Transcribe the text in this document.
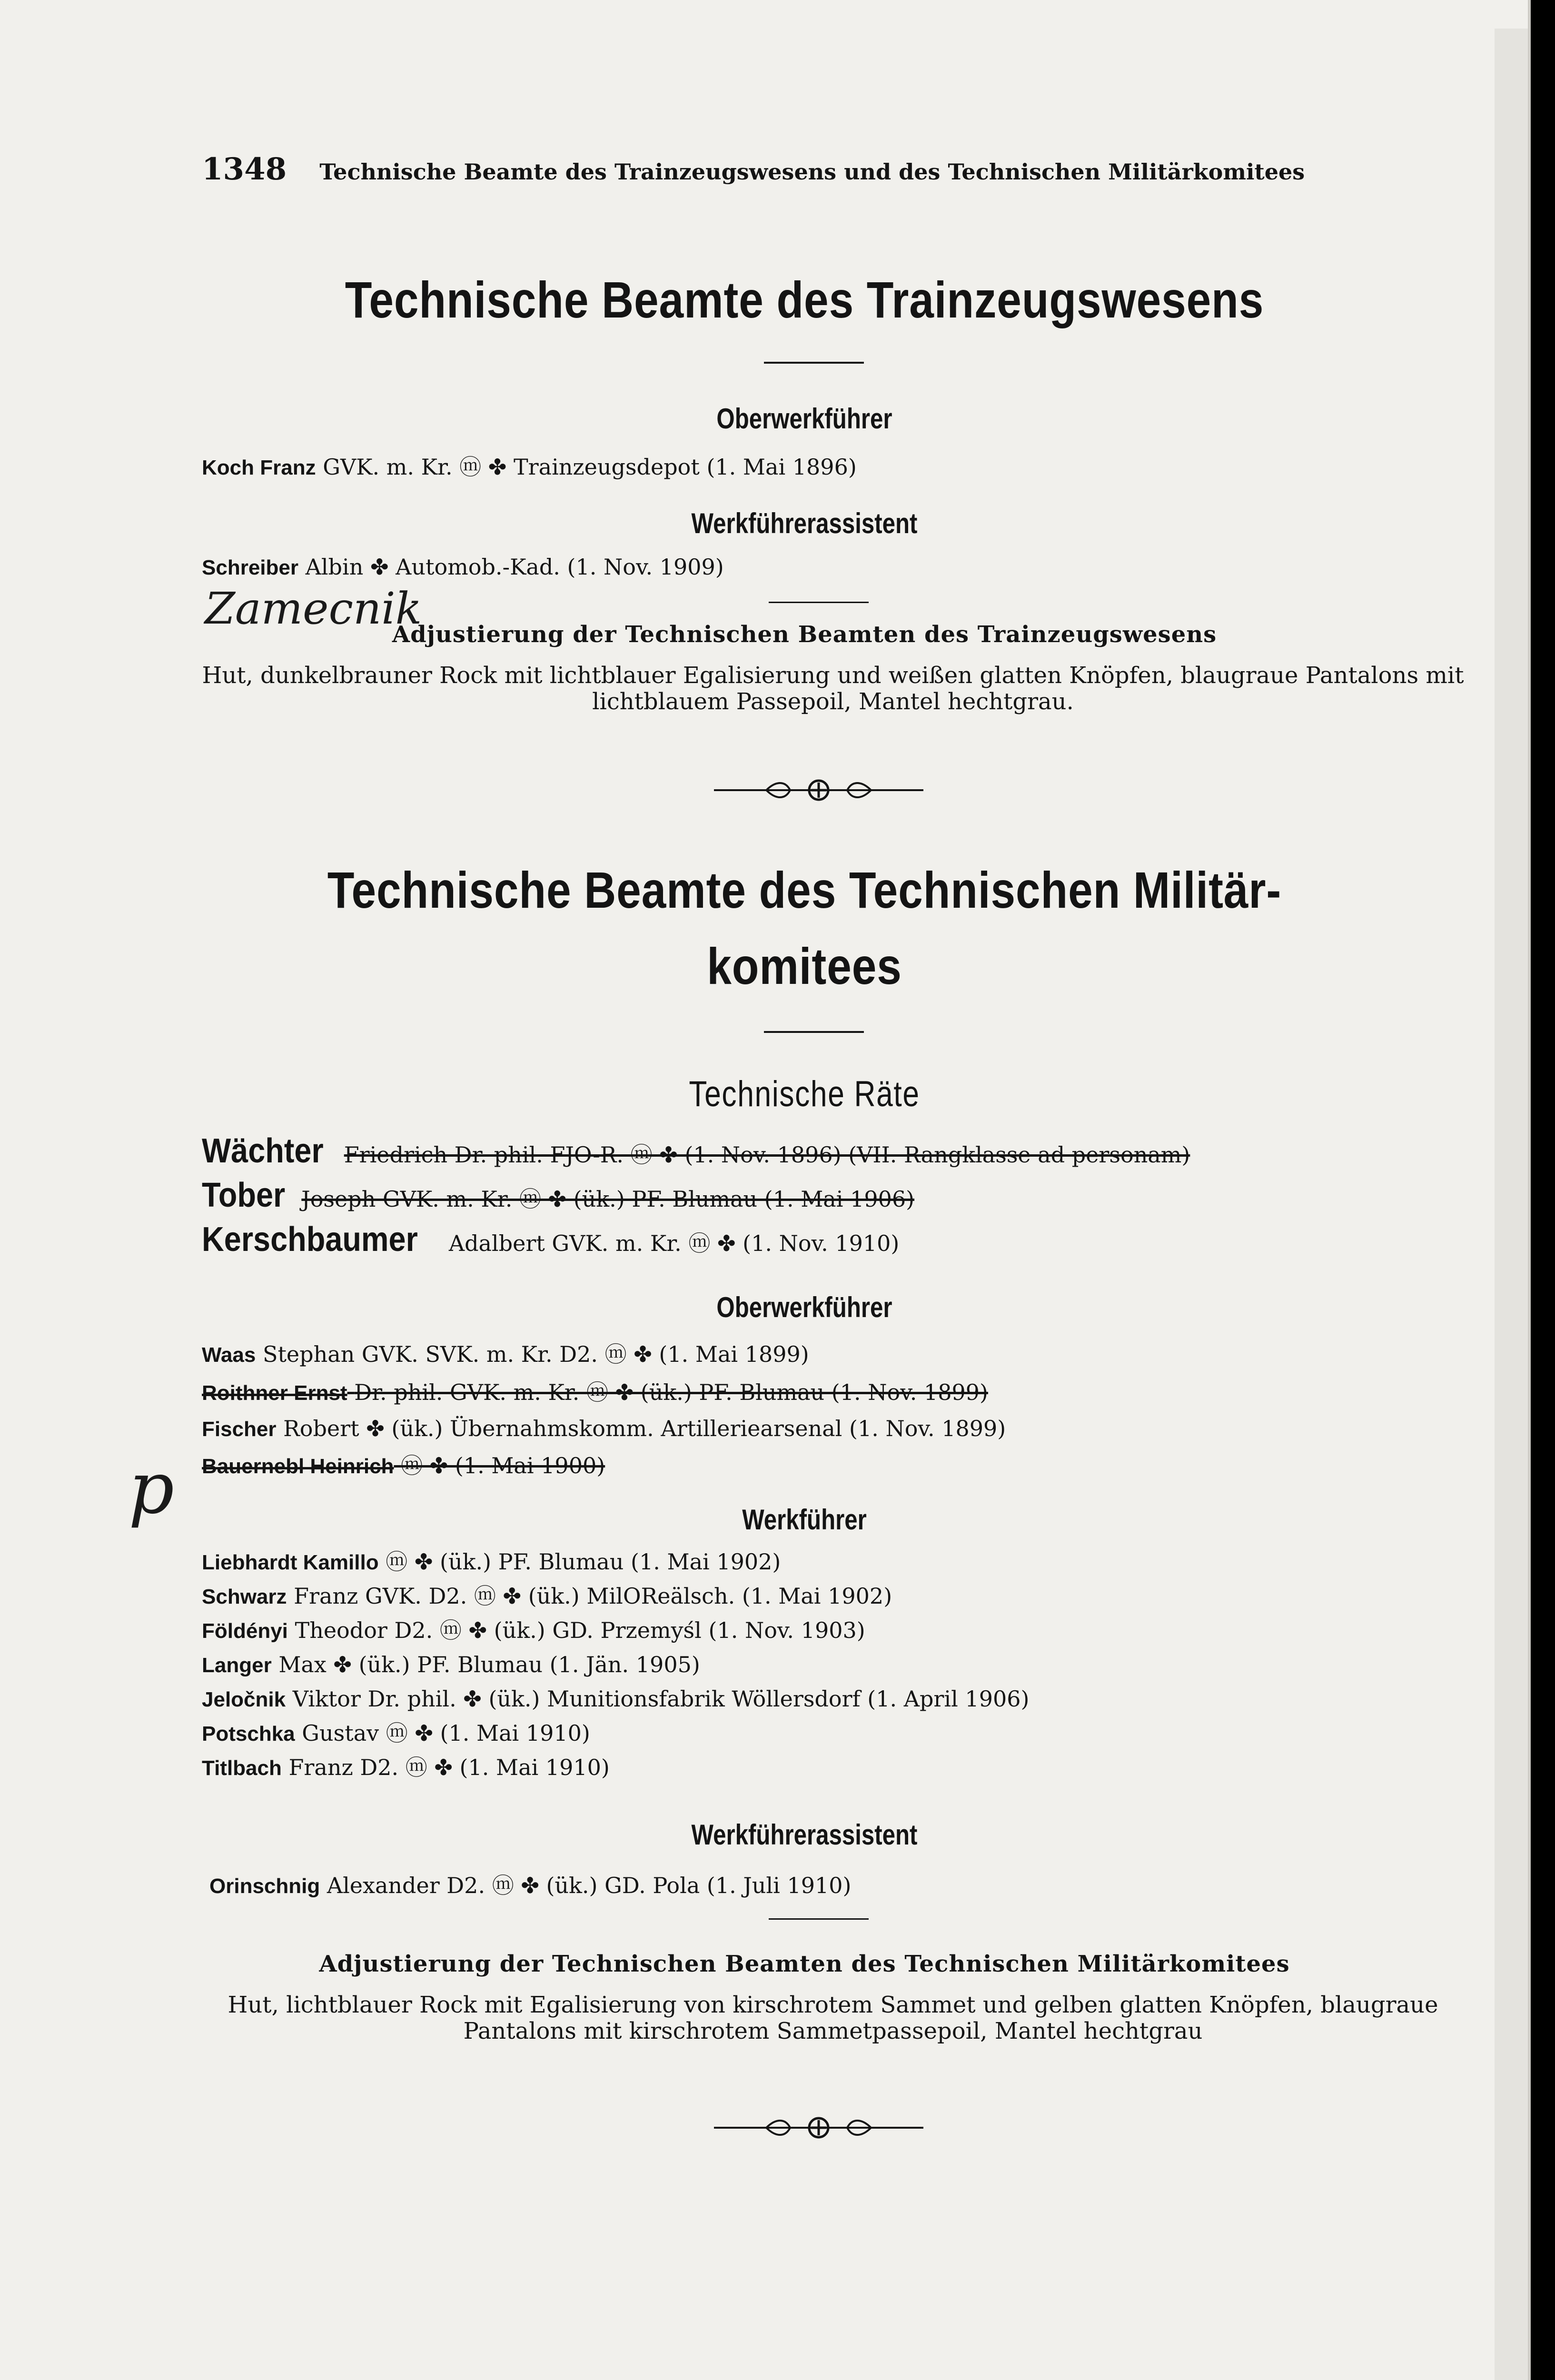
1348 Technische Beamte des Trainzeugswesens und des Technischen Militärkomitees
Technische Beamte des Trainzeugswesens
Oberwerkführer
Koch Franz GVK. m. Kr. ⓜ ✤ Trainzeugsdepot (1. Mai 1896)
Werkführerassistent
Schreiber Albin ✤ Automob.-Kad. (1. Nov. 1909)
Zamecnik
Adjustierung der Technischen Beamten des Trainzeugswesens
Hut, dunkelbrauner Rock mit lichtblauer Egalisierung und weißen glatten Knöpfen, blaugraue Pantalons mit lichtblauem Passepoil, Mantel hechtgrau.
Technische Beamte des Technischen Militär-
komitees
Technische Räte
Wächter Friedrich Dr. phil. FJO-R. ⓜ ✤ (1. Nov. 1896) (VII. Rangklasse ad personam)
Tober Joseph GVK. m. Kr. ⓜ ✤ (ük.) PF. Blumau (1. Mai 1906)
Kerschbaumer Adalbert GVK. m. Kr. ⓜ ✤ (1. Nov. 1910)
Oberwerkführer
Waas Stephan GVK. SVK. m. Kr. D2. ⓜ ✤ (1. Mai 1899)
Roithner Ernst Dr. phil. GVK. m. Kr. ⓜ ✤ (ük.) PF. Blumau (1. Nov. 1899)
Fischer Robert ✤ (ük.) Übernahmskomm. Artilleriearsenal (1. Nov. 1899)
Bauernebl Heinrich ⓜ ✤ (1. Mai 1900)
p	Werkführer
Liebhardt Kamillo ⓜ ✤ (ük.) PF. Blumau (1. Mai 1902)
Schwarz Franz GVK. D2. ⓜ ✤ (ük.) MilOReälsch. (1. Mai 1902)
Földényi Theodor D2. ⓜ ✤ (ük.) GD. Przemyśl (1. Nov. 1903)
Langer Max ✤ (ük.) PF. Blumau (1. Jän. 1905)
Jeločnik Viktor Dr. phil. ✤ (ük.) Munitionsfabrik Wöllersdorf (1. April 1906)
Potschka Gustav ⓜ ✤ (1. Mai 1910)
Titlbach Franz D2. ⓜ ✤ (1. Mai 1910)
Werkführerassistent
Orinschnig Alexander D2. ⓜ ✤ (ük.) GD. Pola (1. Juli 1910)
Adjustierung der Technischen Beamten des Technischen Militärkomitees
Hut, lichtblauer Rock mit Egalisierung von kirschrotem Sammet und gelben glatten Knöpfen, blaugraue Pantalons mit kirschrotem Sammetpassepoil, Mantel hechtgrau
